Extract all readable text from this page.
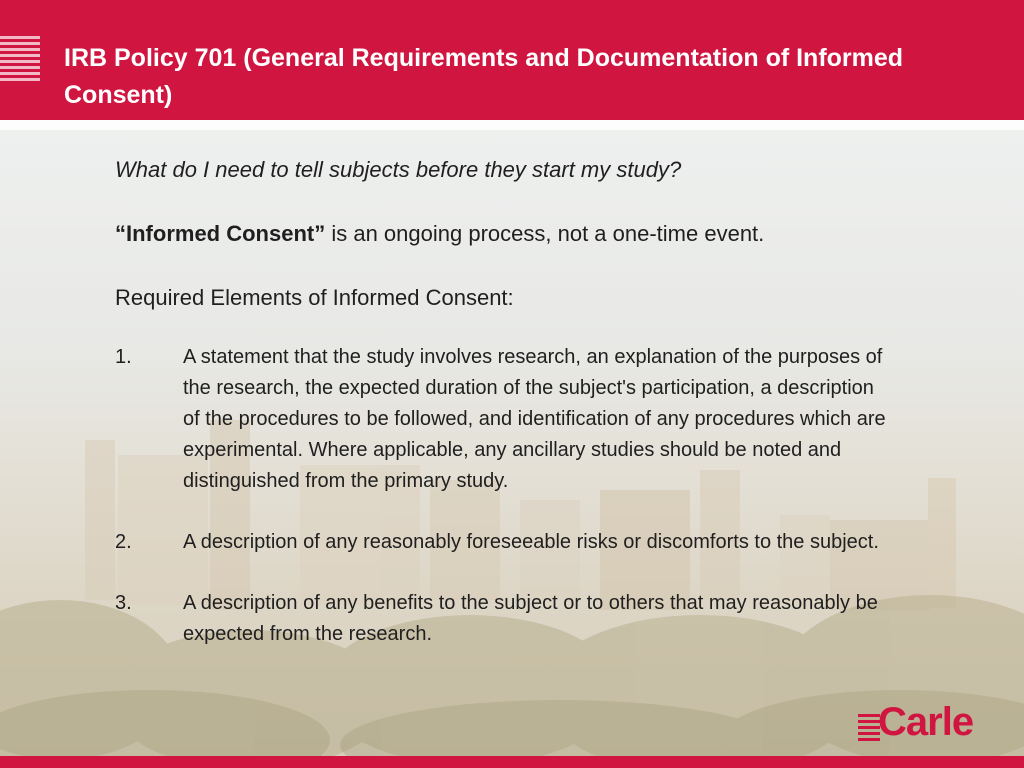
IRB Policy 701 (General Requirements and Documentation of Informed Consent)

What do I need to tell subjects before they start my study?

“Informed Consent” is an ongoing process, not a one-time event.

Required Elements of Informed Consent:

1.	A statement that the study involves research, an explanation of the purposes of the research, the expected duration of the subject's participation, a description of the procedures to be followed, and identification of any procedures which are experimental. Where applicable, any ancillary studies should be noted and distinguished from the primary study.
2.	A description of any reasonably foreseeable risks or discomforts to the subject.
3.	A description of any benefits to the subject or to others that may reasonably be expected from the research.
Carle
